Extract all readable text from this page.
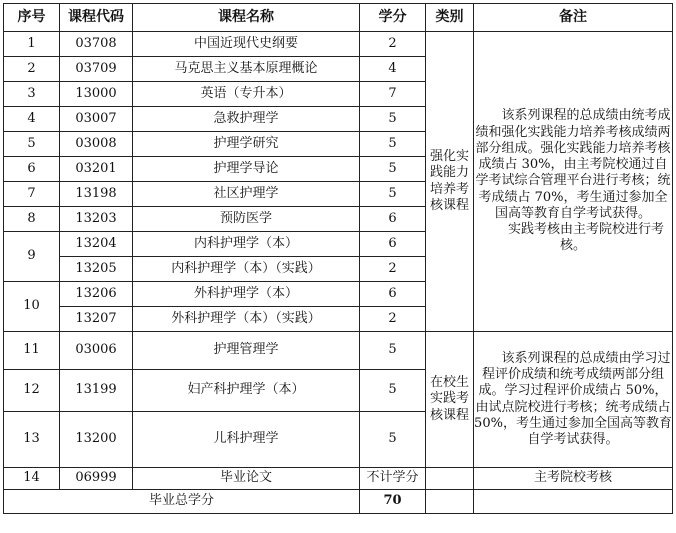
序号	课程代码	课程名称	学分	类别	备注
1	03708	中国近现代史纲要	2	强化实践能力培养考核课程	该系列课程的总成绩由统考成绩和强化实践能力培养考核成绩两部分组成。强化实践能力培养考核成绩占 30%，由主考院校通过自学考试综合管理平台进行考核；统考成绩占 70%，考生通过参加全国高等教育自学考试获得。

实践考核由主考院校进行考核。

2	03709	马克思主义基本原理概论	4		
3	13000	英语（专升本）	7		
4	03007	急救护理学	5		
5	03008	护理学研究	5		
6	03201	护理学导论	5		
7	13198	社区护理学	5		
8	13203	预防医学	6		
9	13204	内科护理学（本）	6		
	13205	内科护理学（本）（实践）	2		
10	13206	外科护理学（本）	6		
	13207	外科护理学（本）（实践）	2		
11	03006	护理管理学	5	在校生实践考核课程	该系列课程的总成绩由学习过程评价成绩和统考成绩两部分组成。学习过程评价成绩占 50%，由试点院校进行考核；统考成绩占 50%，考生通过参加全国高等教育自学考试获得。
12	13199	妇产科护理学（本）	5		
13	13200	儿科护理学	5		
14	06999	毕业论文	不计学分		主考院校考核
毕业总学分			70		
